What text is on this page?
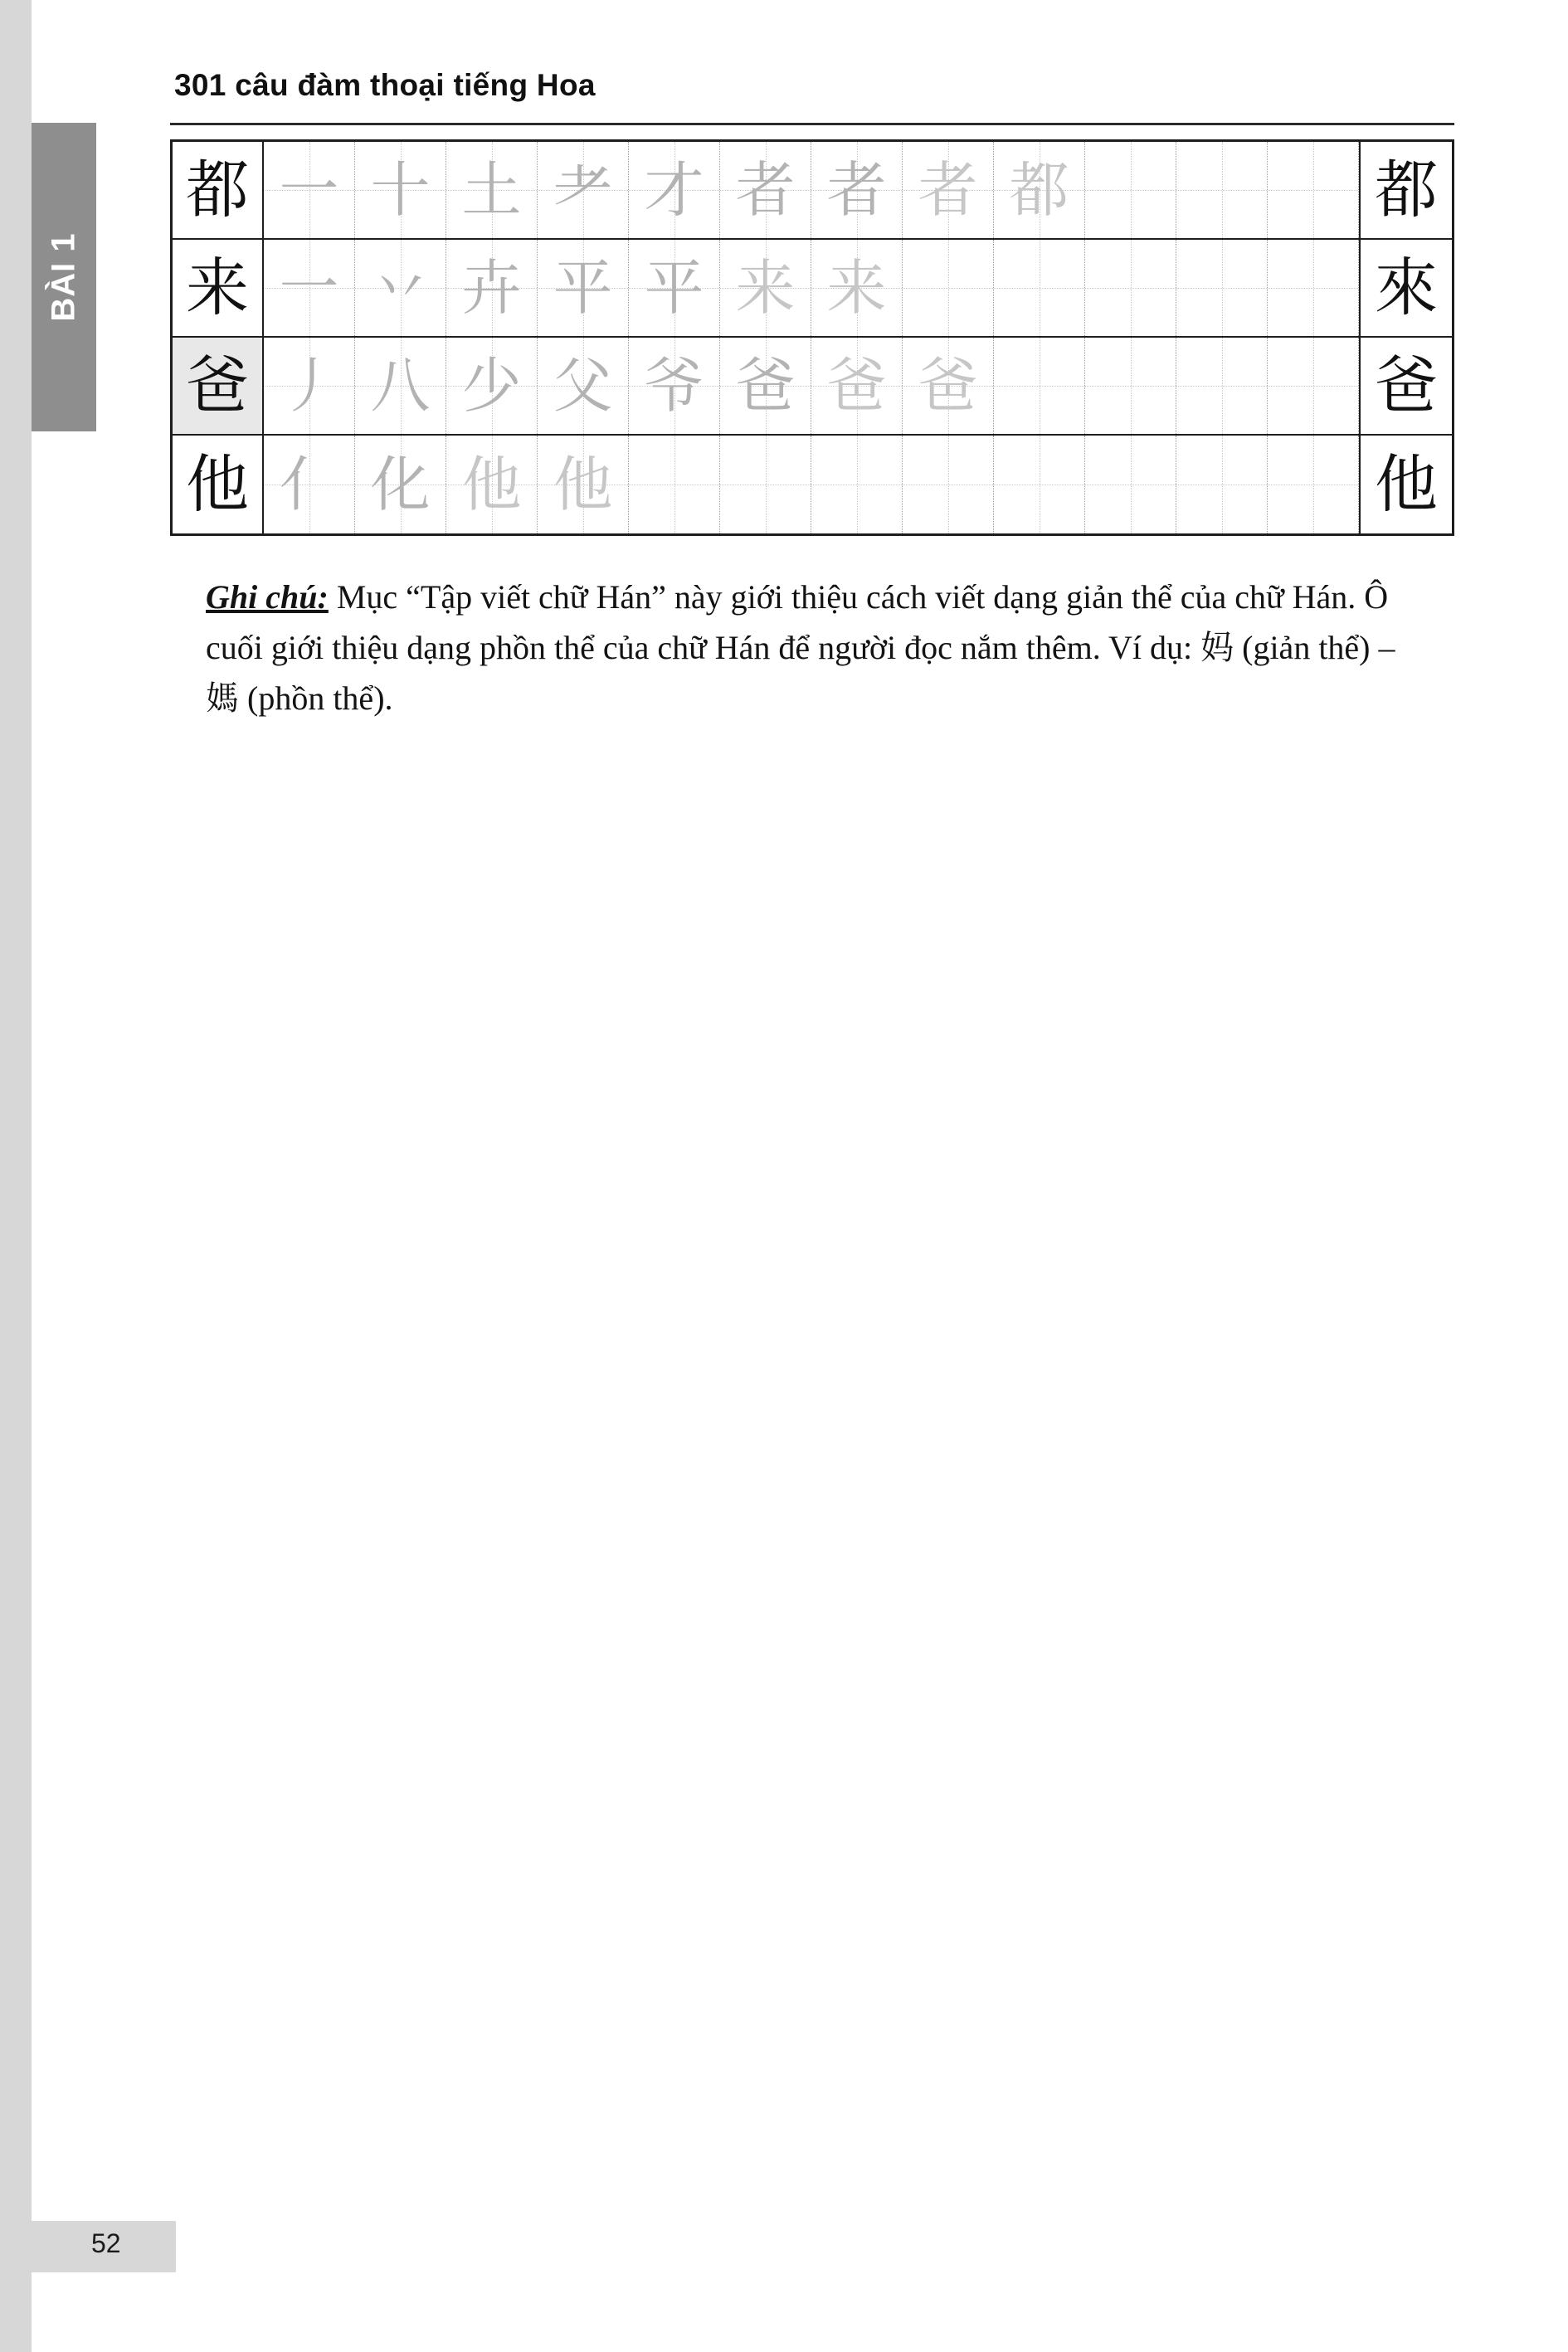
BÀI 1
301 câu đàm thoại tiếng Hoa
都 一 十 土 耂 才 者 者 者 都	都
来 一 丷 卉 平 平 来 来	來
爸 丿 八 少 父 爷 爸 爸 爸	爸
他 亻 化 他 他	他
Ghi chú: Mục “Tập viết chữ Hán” này giới thiệu cách viết dạng giản thể của chữ Hán. Ô cuối giới thiệu dạng phồn thể của chữ Hán để người đọc nắm thêm. Ví dụ: 妈 (giản thể) – 媽 (phồn thể).
52
